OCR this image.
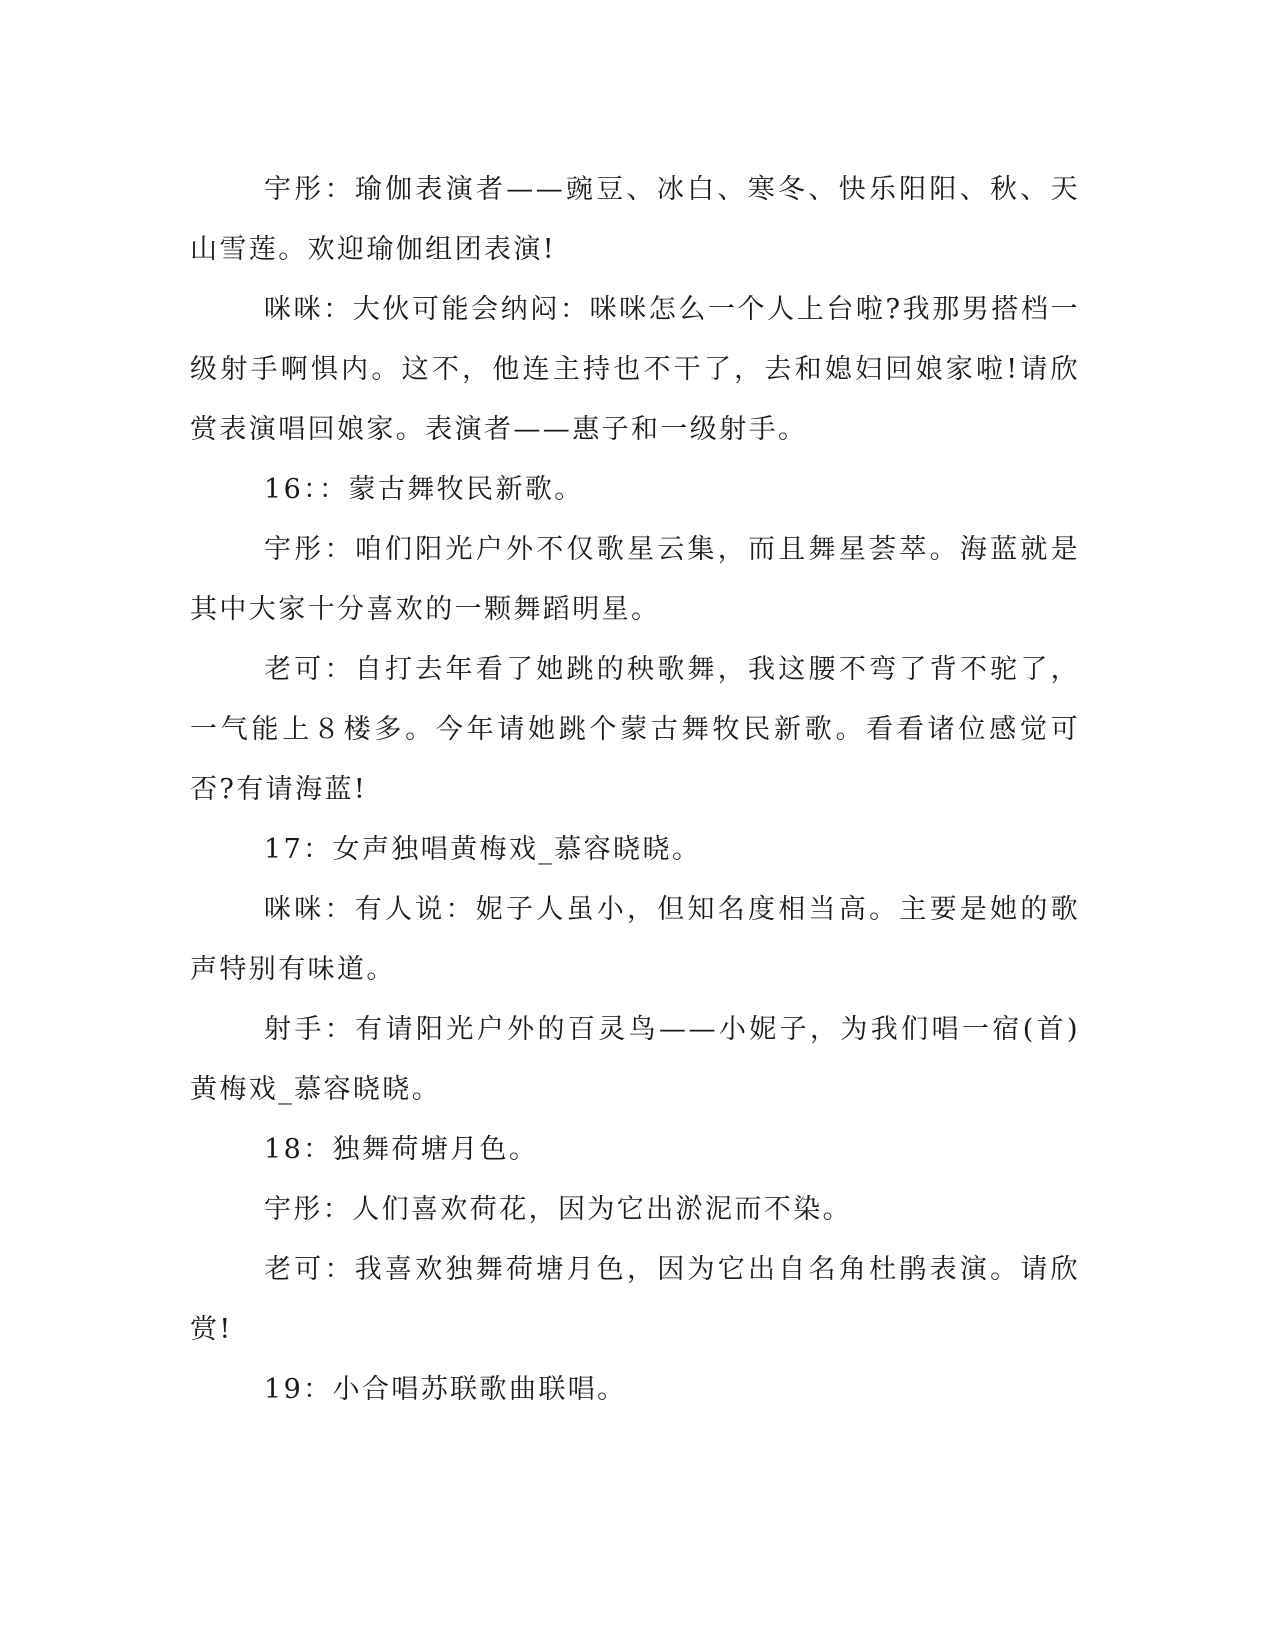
宇彤：瑜伽表演者——豌豆、冰白、寒冬、快乐阳阳、秋、天山雪莲。欢迎瑜伽组团表演!

咪咪：大伙可能会纳闷：咪咪怎么一个人上台啦?我那男搭档一级射手啊惧内。这不，他连主持也不干了，去和媳妇回娘家啦!请欣赏表演唱回娘家。表演者——惠子和一级射手。

16：：蒙古舞牧民新歌。

宇彤：咱们阳光户外不仅歌星云集，而且舞星荟萃。海蓝就是其中大家十分喜欢的一颗舞蹈明星。

老可：自打去年看了她跳的秧歌舞，我这腰不弯了背不驼了，一气能上８楼多。今年请她跳个蒙古舞牧民新歌。看看诸位感觉可否?有请海蓝!

17：女声独唱黄梅戏_慕容晓晓。

咪咪：有人说：妮子人虽小，但知名度相当高。主要是她的歌声特别有味道。

射手：有请阳光户外的百灵鸟——小妮子，为我们唱一宿(首)黄梅戏_慕容晓晓。

18：独舞荷塘月色。

宇彤：人们喜欢荷花，因为它出淤泥而不染。

老可：我喜欢独舞荷塘月色，因为它出自名角杜鹃表演。请欣赏!

19：小合唱苏联歌曲联唱。
